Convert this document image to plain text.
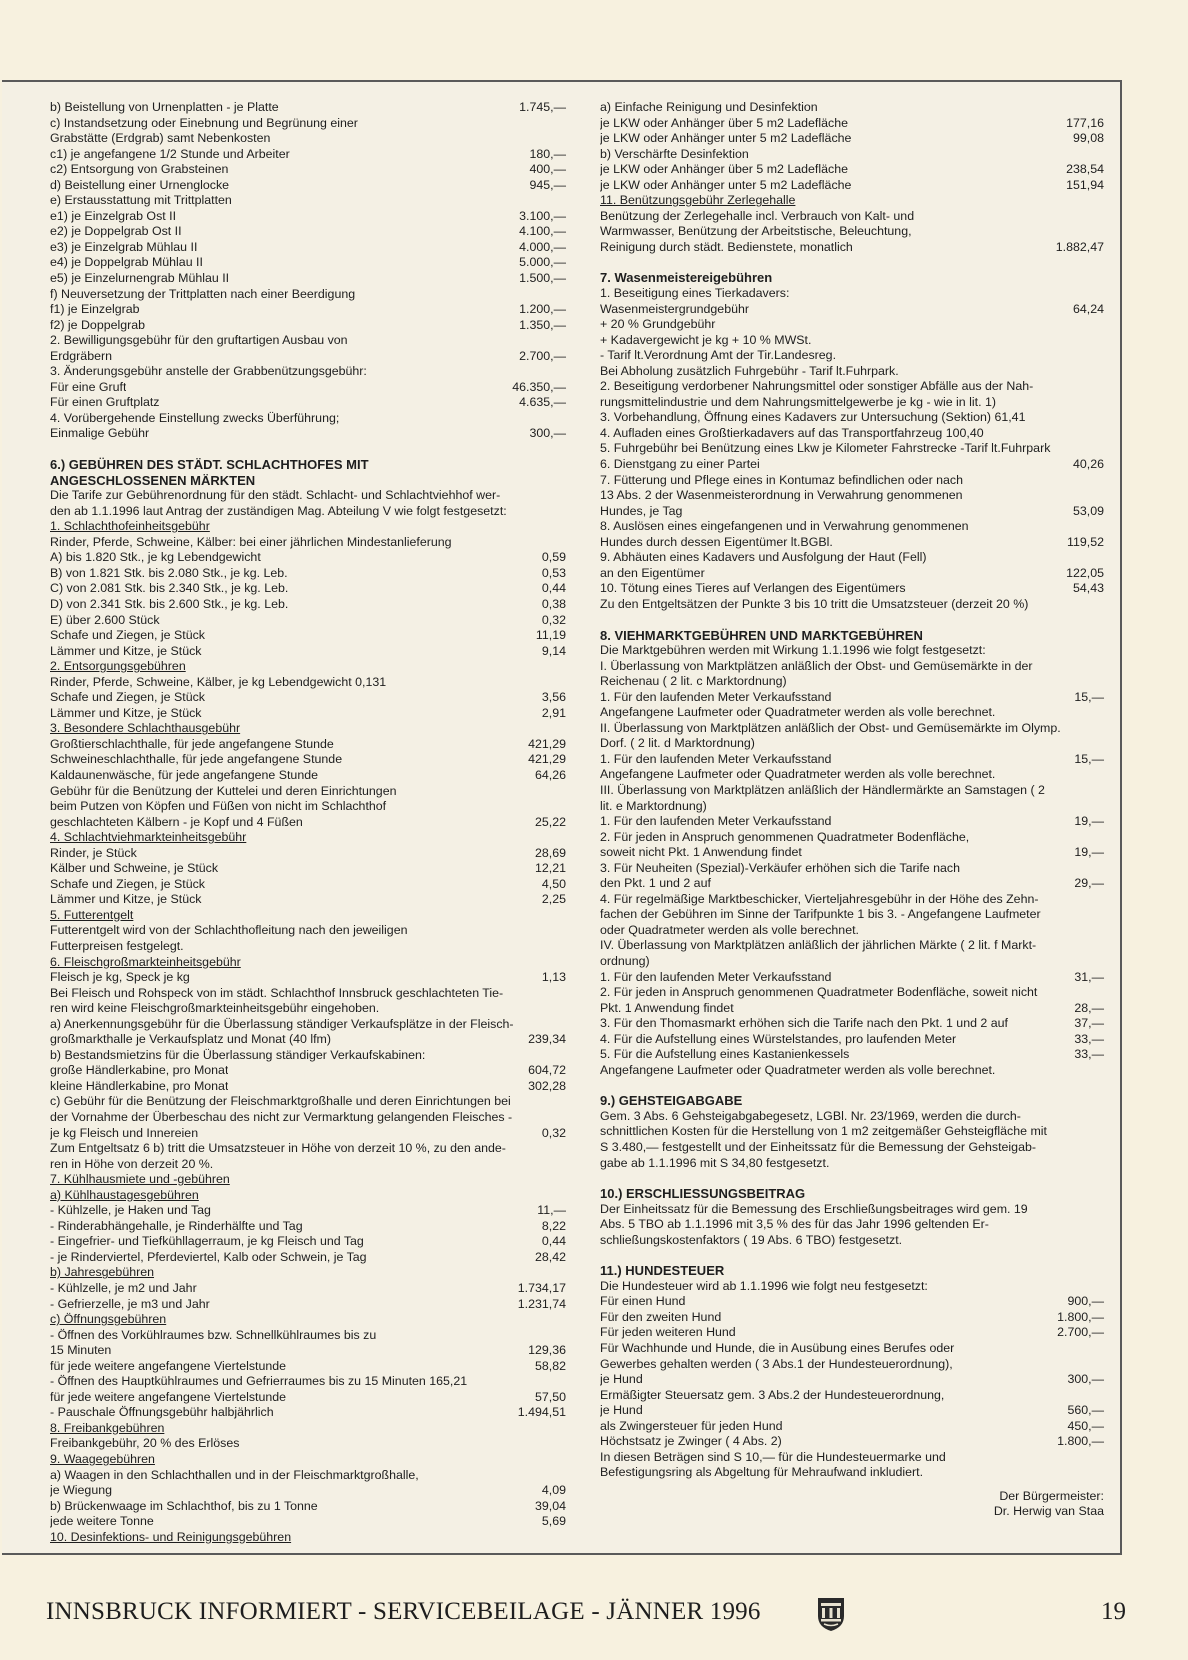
b) Beistellung von Urnenplatten - je Platte	1.745,—
c) Instandsetzung oder Einebnung und Begrünung einer
Grabstätte (Erdgrab) samt Nebenkosten
c1) je angefangene 1/2 Stunde und Arbeiter	180,—
c2) Entsorgung von Grabsteinen	400,—
d) Beistellung einer Urnenglocke	945,—
e) Erstausstattung mit Trittplatten
e1) je Einzelgrab Ost II	3.100,—
e2) je Doppelgrab Ost II	4.100,—
e3) je Einzelgrab Mühlau II	4.000,—
e4) je Doppelgrab Mühlau II	5.000,—
e5) je Einzelurnengrab Mühlau II	1.500,—
f) Neuversetzung der Trittplatten nach einer Beerdigung
f1) je Einzelgrab	1.200,—
f2) je Doppelgrab	1.350,—
2. Bewilligungsgebühr für den gruftartigen Ausbau von
Erdgräbern	2.700,—
3. Änderungsgebühr anstelle der Grabbenützungsgebühr:
Für eine Gruft	46.350,—
Für einen Gruftplatz	4.635,—
4. Vorübergehende Einstellung zwecks Überführung;
Einmalige Gebühr	300,—
6.) GEBÜHREN DES STÄDT. SCHLACHTHOFES MIT
ANGESCHLOSSENEN MÄRKTEN
Die Tarife zur Gebührenordnung für den städt. Schlacht- und Schlachtviehhof wer-
den ab 1.1.1996 laut Antrag der zuständigen Mag. Abteilung V wie folgt festgesetzt:
1. Schlachthofeinheitsgebühr
Rinder, Pferde, Schweine, Kälber: bei einer jährlichen Mindestanlieferung
A) bis 1.820 Stk., je kg Lebendgewicht	0,59
B) von 1.821 Stk. bis 2.080 Stk., je kg. Leb.	0,53
C) von 2.081 Stk. bis 2.340 Stk., je kg. Leb.	0,44
D) von 2.341 Stk. bis 2.600 Stk., je kg. Leb.	0,38
E) über 2.600 Stück	0,32
Schafe und Ziegen, je Stück	11,19
Lämmer und Kitze, je Stück	9,14
2. Entsorgungsgebühren
Rinder, Pferde, Schweine, Kälber, je kg Lebendgewicht 0,131
Schafe und Ziegen, je Stück	3,56
Lämmer und Kitze, je Stück	2,91
3. Besondere Schlachthausgebühr
Großtierschlachthalle, für jede angefangene Stunde	421,29
Schweineschlachthalle, für jede angefangene Stunde	421,29
Kaldaunenwäsche, für jede angefangene Stunde	64,26
Gebühr für die Benützung der Kuttelei und deren Einrichtungen
beim Putzen von Köpfen und Füßen von nicht im Schlachthof
geschlachteten Kälbern - je Kopf und 4 Füßen	25,22
4. Schlachtviehmarkteinheitsgebühr
Rinder, je Stück	28,69
Kälber und Schweine, je Stück	12,21
Schafe und Ziegen, je Stück	4,50
Lämmer und Kitze, je Stück	2,25
5. Futterentgelt
Futterentgelt wird von der Schlachthofleitung nach den jeweiligen
Futterpreisen festgelegt.
6. Fleischgroßmarkteinheitsgebühr
Fleisch je kg, Speck je kg	1,13
Bei Fleisch und Rohspeck von im städt. Schlachthof Innsbruck geschlachteten Tie-
ren wird keine Fleischgroßmarkteinheitsgebühr eingehoben.
a) Anerkennungsgebühr für die Überlassung ständiger Verkaufsplätze in der Fleisch-
großmarkthalle je Verkaufsplatz und Monat (40 lfm)	239,34
b) Bestandsmietzins für die Überlassung ständiger Verkaufskabinen:
große Händlerkabine, pro Monat	604,72
kleine Händlerkabine, pro Monat	302,28
c) Gebühr für die Benützung der Fleischmarktgroßhalle und deren Einrichtungen bei
der Vornahme der Überbeschau des nicht zur Vermarktung gelangenden Fleisches -
je kg Fleisch und Innereien	0,32
Zum Entgeltsatz 6 b) tritt die Umsatzsteuer in Höhe von derzeit 10 %, zu den ande-
ren in Höhe von derzeit 20 %.
7. Kühlhausmiete und -gebühren
a) Kühlhaustagesgebühren
- Kühlzelle, je Haken und Tag	11,—
- Rinderabhängehalle, je Rinderhälfte und Tag	8,22
- Eingefrier- und Tiefkühllagerraum, je kg Fleisch und Tag	0,44
- je Rinderviertel, Pferdeviertel, Kalb oder Schwein, je Tag	28,42
b) Jahresgebühren
- Kühlzelle, je m2 und Jahr	1.734,17
- Gefrierzelle, je m3 und Jahr	1.231,74
c) Öffnungsgebühren
- Öffnen des Vorkühlraumes bzw. Schnellkühlraumes bis zu
15 Minuten	129,36
für jede weitere angefangene Viertelstunde	58,82
- Öffnen des Hauptkühlraumes und Gefrierraumes bis zu 15 Minuten 165,21
für jede weitere angefangene Viertelstunde	57,50
- Pauschale Öffnungsgebühr halbjährlich	1.494,51
8. Freibankgebühren
Freibankgebühr, 20 % des Erlöses
9. Waagegebühren
a) Waagen in den Schlachthallen und in der Fleischmarktgroßhalle,
je Wiegung	4,09
b) Brückenwaage im Schlachthof, bis zu 1 Tonne	39,04
jede weitere Tonne	5,69
10. Desinfektions- und Reinigungsgebühren
a) Einfache Reinigung und Desinfektion
je LKW oder Anhänger über 5 m2 Ladefläche	177,16
je LKW oder Anhänger unter 5 m2 Ladefläche	99,08
b) Verschärfte Desinfektion
je LKW oder Anhänger über 5 m2 Ladefläche	238,54
je LKW oder Anhänger unter 5 m2 Ladefläche	151,94
11. Benützungsgebühr Zerlegehalle
Benützung der Zerlegehalle incl. Verbrauch von Kalt- und
Warmwasser, Benützung der Arbeitstische, Beleuchtung,
Reinigung durch städt. Bedienstete, monatlich	1.882,47
7. Wasenmeistereigebühren
1. Beseitigung eines Tierkadavers:
Wasenmeistergrundgebühr	64,24
+ 20 % Grundgebühr
+ Kadavergewicht je kg + 10 % MWSt.
- Tarif lt.Verordnung Amt der Tir.Landesreg.
Bei Abholung zusätzlich Fuhrgebühr - Tarif lt.Fuhrpark.
2. Beseitigung verdorbener Nahrungsmittel oder sonstiger Abfälle aus der Nah-
rungsmittelindustrie und dem Nahrungsmittelgewerbe je kg - wie in lit. 1)
3. Vorbehandlung, Öffnung eines Kadavers zur Untersuchung (Sektion) 61,41
4. Aufladen eines Großtierkadavers auf das Transportfahrzeug 100,40
5. Fuhrgebühr bei Benützung eines Lkw je Kilometer Fahrstrecke -Tarif lt.Fuhrpark
6. Dienstgang zu einer Partei	40,26
7. Fütterung und Pflege eines in Kontumaz befindlichen oder nach
13 Abs. 2 der Wasenmeisterordnung in Verwahrung genommenen
Hundes, je Tag	53,09
8. Auslösen eines eingefangenen und in Verwahrung genommenen
Hundes durch dessen Eigentümer lt.BGBl.	119,52
9. Abhäuten eines Kadavers und Ausfolgung der Haut (Fell)
an den Eigentümer	122,05
10. Tötung eines Tieres auf Verlangen des Eigentümers	54,43
Zu den Entgeltsätzen der Punkte 3 bis 10 tritt die Umsatzsteuer (derzeit 20 %)
8. VIEHMARKTGEBÜHREN UND MARKTGEBÜHREN
Die Marktgebühren werden mit Wirkung 1.1.1996 wie folgt festgesetzt:
I. Überlassung von Marktplätzen anläßlich der Obst- und Gemüsemärkte in der
Reichenau ( 2 lit. c Marktordnung)
1. Für den laufenden Meter Verkaufsstand	15,—
Angefangene Laufmeter oder Quadratmeter werden als volle berechnet.
II. Überlassung von Marktplätzen anläßlich der Obst- und Gemüsemärkte im Olymp.
Dorf. ( 2 lit. d Marktordnung)
1. Für den laufenden Meter Verkaufsstand	15,—
Angefangene Laufmeter oder Quadratmeter werden als volle berechnet.
III. Überlassung von Marktplätzen anläßlich der Händlermärkte an Samstagen ( 2
lit. e Marktordnung)
1. Für den laufenden Meter Verkaufsstand	19,—
2. Für jeden in Anspruch genommenen Quadratmeter Bodenfläche,
soweit nicht Pkt. 1 Anwendung findet	19,—
3. Für Neuheiten (Spezial)-Verkäufer erhöhen sich die Tarife nach
den Pkt. 1 und 2 auf	29,—
4. Für regelmäßige Marktbeschicker, Vierteljahresgebühr in der Höhe des Zehn-
fachen der Gebühren im Sinne der Tarifpunkte 1 bis 3. - Angefangene Laufmeter
oder Quadratmeter werden als volle berechnet.
IV. Überlassung von Marktplätzen anläßlich der jährlichen Märkte ( 2 lit. f Markt-
ordnung)
1. Für den laufenden Meter Verkaufsstand	31,—
2. Für jeden in Anspruch genommenen Quadratmeter Bodenfläche, soweit nicht
Pkt. 1 Anwendung findet	28,—
3. Für den Thomasmarkt erhöhen sich die Tarife nach den Pkt. 1 und 2 auf	37,—
4. Für die Aufstellung eines Würstelstandes, pro laufenden Meter	33,—
5. Für die Aufstellung eines Kastanienkessels	33,—
Angefangene Laufmeter oder Quadratmeter werden als volle berechnet.
9.) GEHSTEIGABGABE
Gem. 3 Abs. 6 Gehsteigabgabegesetz, LGBl. Nr. 23/1969, werden die durch-
schnittlichen Kosten für die Herstellung von 1 m2 zeitgemäßer Gehsteigfläche mit
S 3.480,— festgestellt und der Einheitssatz für die Bemessung der Gehsteigab-
gabe ab 1.1.1996 mit S 34,80 festgesetzt.
10.) ERSCHLIESSUNGSBEITRAG
Der Einheitssatz für die Bemessung des Erschließungsbeitrages wird gem. 19
Abs. 5 TBO ab 1.1.1996 mit 3,5 % des für das Jahr 1996 geltenden Er-
schließungskostenfaktors ( 19 Abs. 6 TBO) festgesetzt.
11.) HUNDESTEUER
Die Hundesteuer wird ab 1.1.1996 wie folgt neu festgesetzt:
Für einen Hund	900,—
Für den zweiten Hund	1.800,—
Für jeden weiteren Hund	2.700,—
Für Wachhunde und Hunde, die in Ausübung eines Berufes oder
Gewerbes gehalten werden ( 3 Abs.1 der Hundesteuerordnung),
je Hund	300,—
Ermäßigter Steuersatz gem. 3 Abs.2 der Hundesteuerordnung,
je Hund	560,—
als Zwingersteuer für jeden Hund	450,—
Höchstsatz je Zwinger ( 4 Abs. 2)	1.800,—
In diesen Beträgen sind S 10,— für die Hundesteuermarke und
Befestigungsring als Abgeltung für Mehraufwand inkludiert.
Der Bürgermeister:
Dr. Herwig van Staa
INNSBRUCK INFORMIERT - SERVICEBEILAGE - JÄNNER 1996	19
